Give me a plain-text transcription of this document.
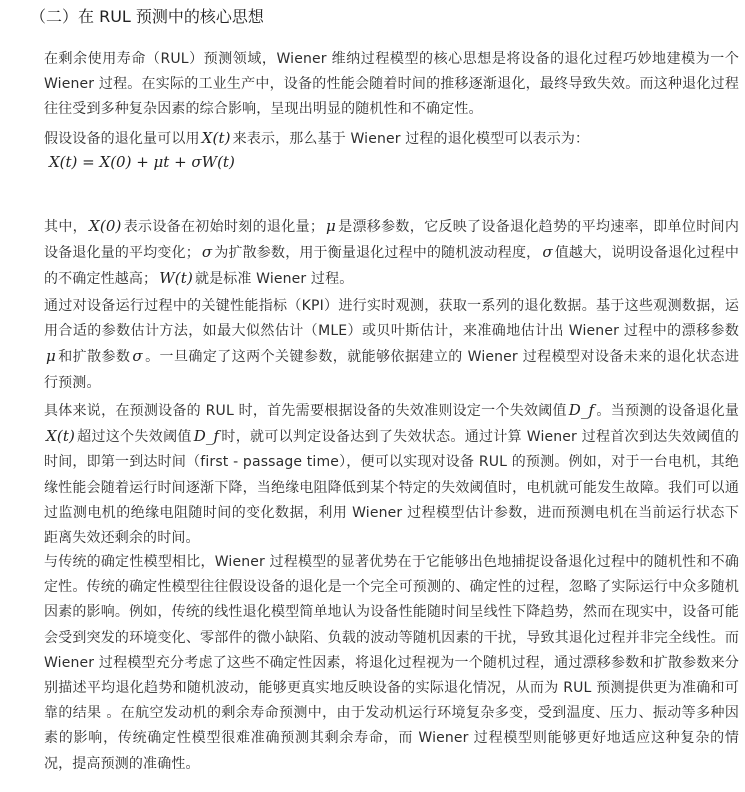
（二）在 RUL 预测中的核心思想
在剩余使用寿命（RUL）预测领域，Wiener 维纳过程模型的核心思想是将设备的退化过程巧妙地建模为一个 Wiener 过程。在实际的工业生产中，设备的性能会随着时间的推移逐渐退化，最终导致失效。而这种退化过程往往受到多种复杂因素的综合影响，呈现出明显的随机性和不确定性。
假设设备的退化量可以用 X(t) 来表示，那么基于 Wiener 过程的退化模型可以表示为：
X(t) = X(0) + μt + σW(t)
其中， X(0) 表示设备在初始时刻的退化量； μ 是漂移参数，它反映了设备退化趋势的平均速率，即单位时间内设备退化量的平均变化； σ 为扩散参数，用于衡量退化过程中的随机波动程度， σ 值越大，说明设备退化过程中的不确定性越高； W(t) 就是标准 Wiener 过程。
通过对设备运行过程中的关键性能指标（KPI）进行实时观测，获取一系列的退化数据。基于这些观测数据，运用合适的参数估计方法，如最大似然估计（MLE）或贝叶斯估计，来准确地估计出 Wiener 过程中的漂移参数μ 和扩散参数 σ 。一旦确定了这两个关键参数，就能够依据建立的 Wiener 过程模型对设备未来的退化状态进行预测。
具体来说，在预测设备的 RUL 时，首先需要根据设备的失效准则设定一个失效阈值 D_f 。当预测的设备退化量X(t) 超过这个失效阈值 D_f 时，就可以判定设备达到了失效状态。通过计算 Wiener 过程首次到达失效阈值的时间，即第一到达时间（first - passage time），便可以实现对设备 RUL 的预测。例如，对于一台电机，其绝缘性能会随着运行时间逐渐下降，当绝缘电阻降低到某个特定的失效阈值时，电机就可能发生故障。我们可以通过监测电机的绝缘电阻随时间的变化数据，利用 Wiener 过程模型估计参数，进而预测电机在当前运行状态下距离失效还剩余的时间。
与传统的确定性模型相比，Wiener 过程模型的显著优势在于它能够出色地捕捉设备退化过程中的随机性和不确定性。传统的确定性模型往往假设设备的退化是一个完全可预测的、确定性的过程，忽略了实际运行中众多随机因素的影响。例如，传统的线性退化模型简单地认为设备性能随时间呈线性下降趋势，然而在现实中，设备可能会受到突发的环境变化、零部件的微小缺陷、负载的波动等随机因素的干扰，导致其退化过程并非完全线性。而 Wiener 过程模型充分考虑了这些不确定性因素，将退化过程视为一个随机过程，通过漂移参数和扩散参数来分别描述平均退化趋势和随机波动，能够更真实地反映设备的实际退化情况，从而为 RUL 预测提供更为准确和可靠的结果 。在航空发动机的剩余寿命预测中，由于发动机运行环境复杂多变，受到温度、压力、振动等多种因素的影响，传统确定性模型很难准确预测其剩余寿命，而 Wiener 过程模型则能够更好地适应这种复杂的情况，提高预测的准确性。
